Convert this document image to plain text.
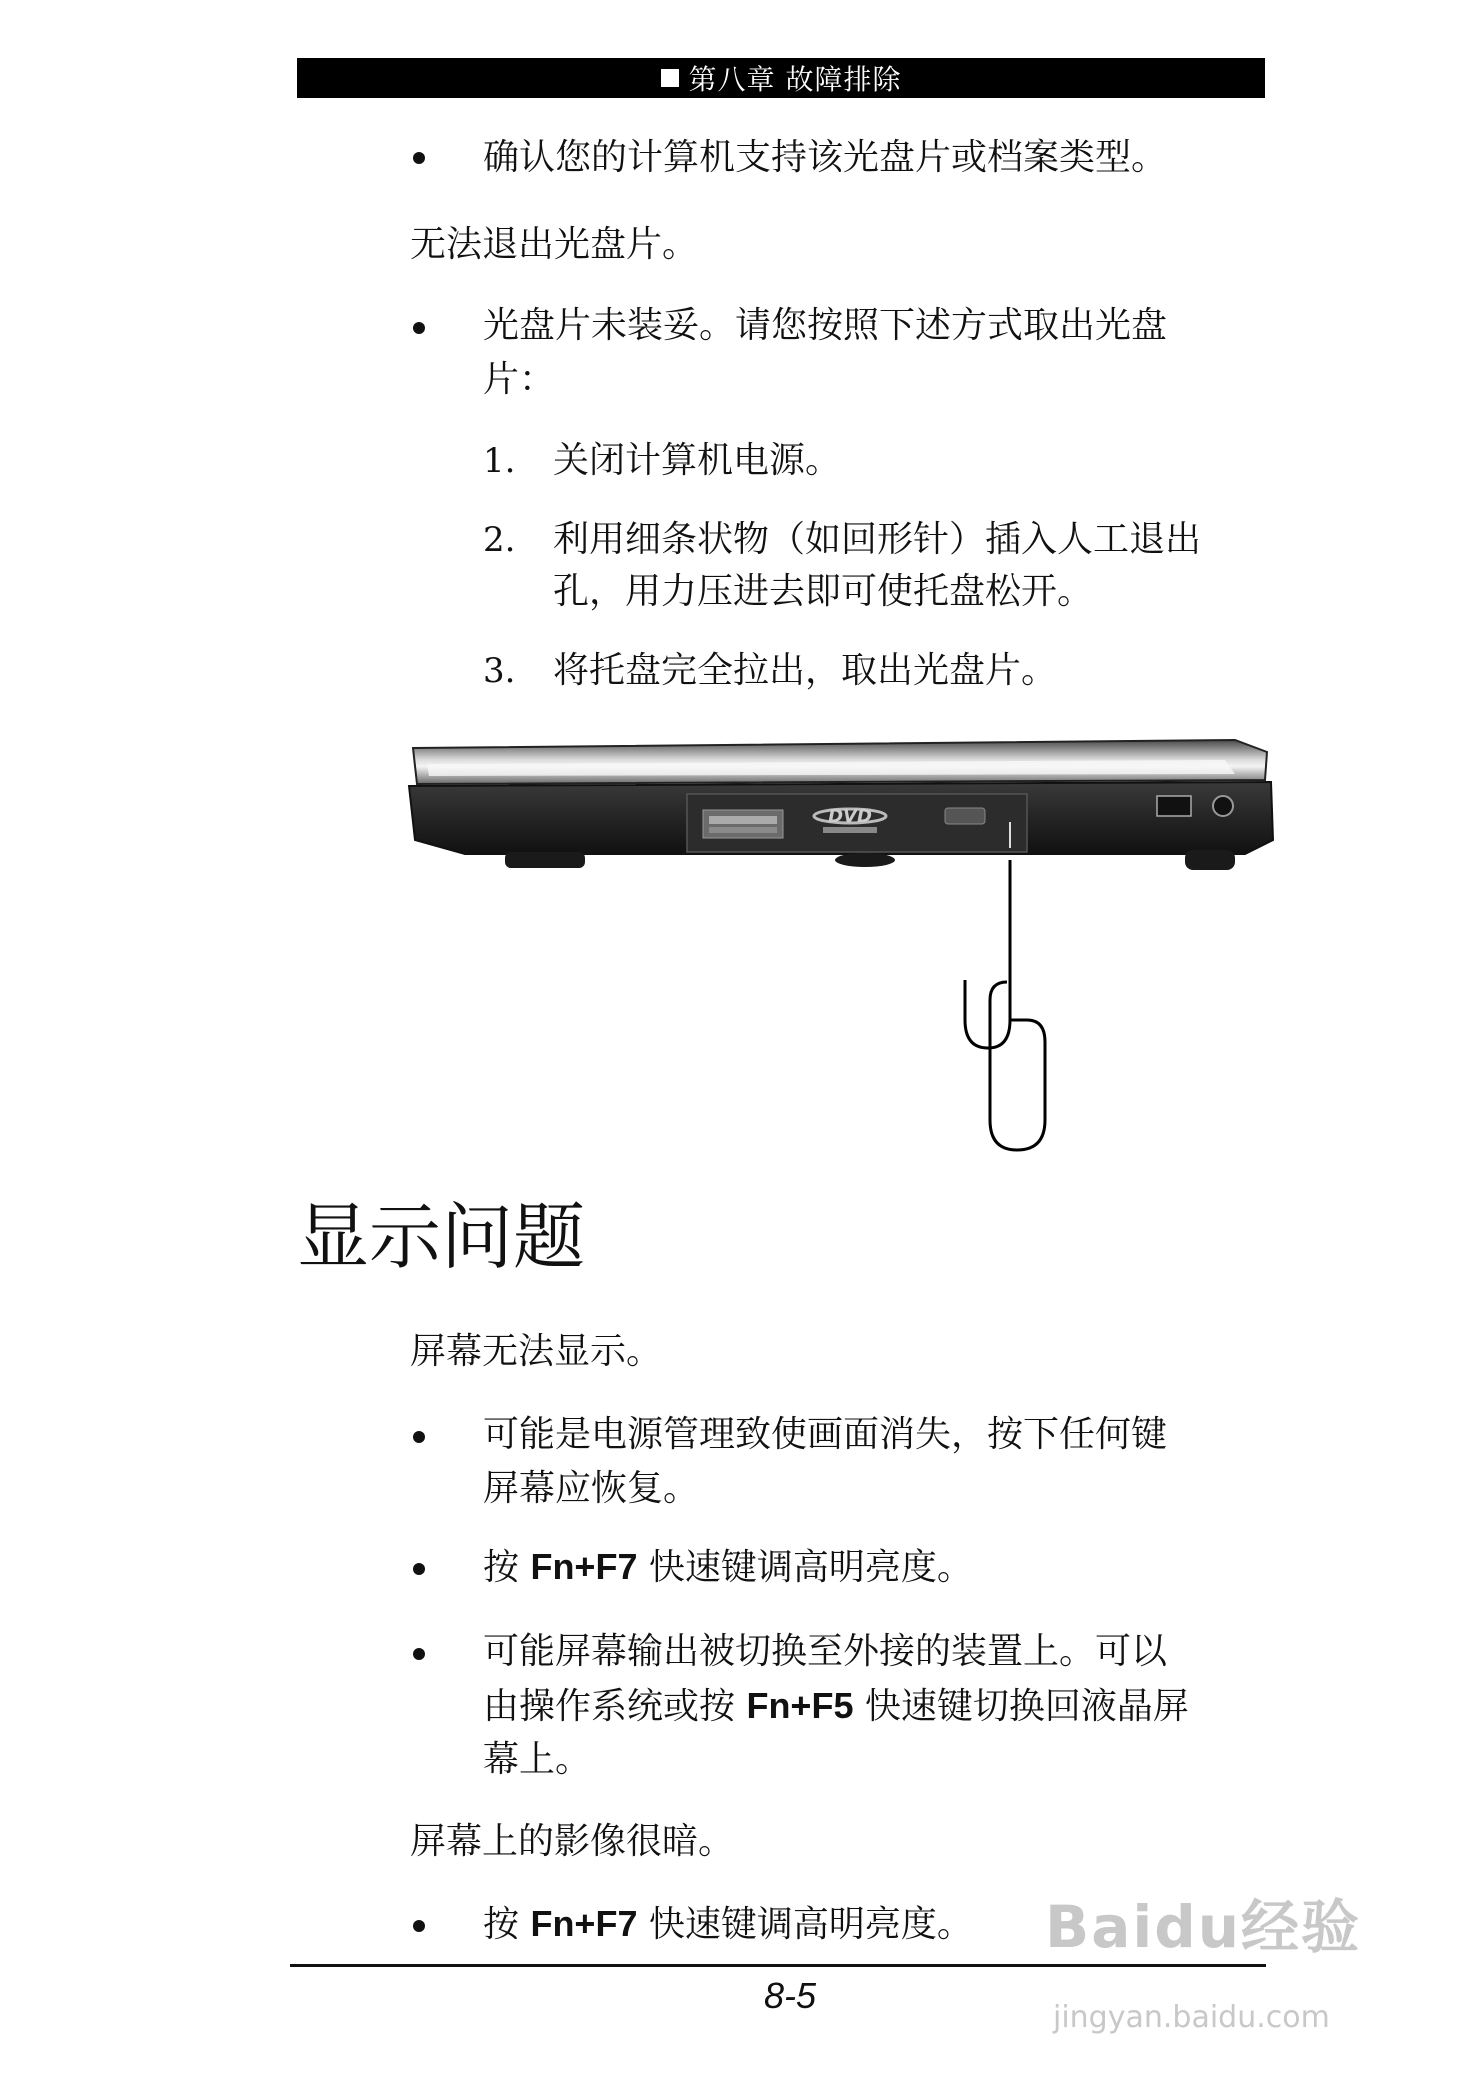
第八章 故障排除
确认您的计算机支持该光盘片或档案类型。
无法退出光盘片。
光盘片未装妥。请您按照下述方式取出光盘
片：
1. 关闭计算机电源。
2. 利用细条状物（如回形针）插入人工退出
孔，用力压进去即可使托盘松开。
3. 将托盘完全拉出，取出光盘片。
DVD
显示问题
屏幕无法显示。
可能是电源管理致使画面消失，按下任何键
屏幕应恢复。
按 Fn+F7 快速键调高明亮度。
可能屏幕输出被切换至外接的装置上。可以
由操作系统或按 Fn+F5 快速键切换回液晶屏
幕上。
屏幕上的影像很暗。
按 Fn+F7 快速键调高明亮度。
8-5
Baidu经验
jingyan.baidu.com
